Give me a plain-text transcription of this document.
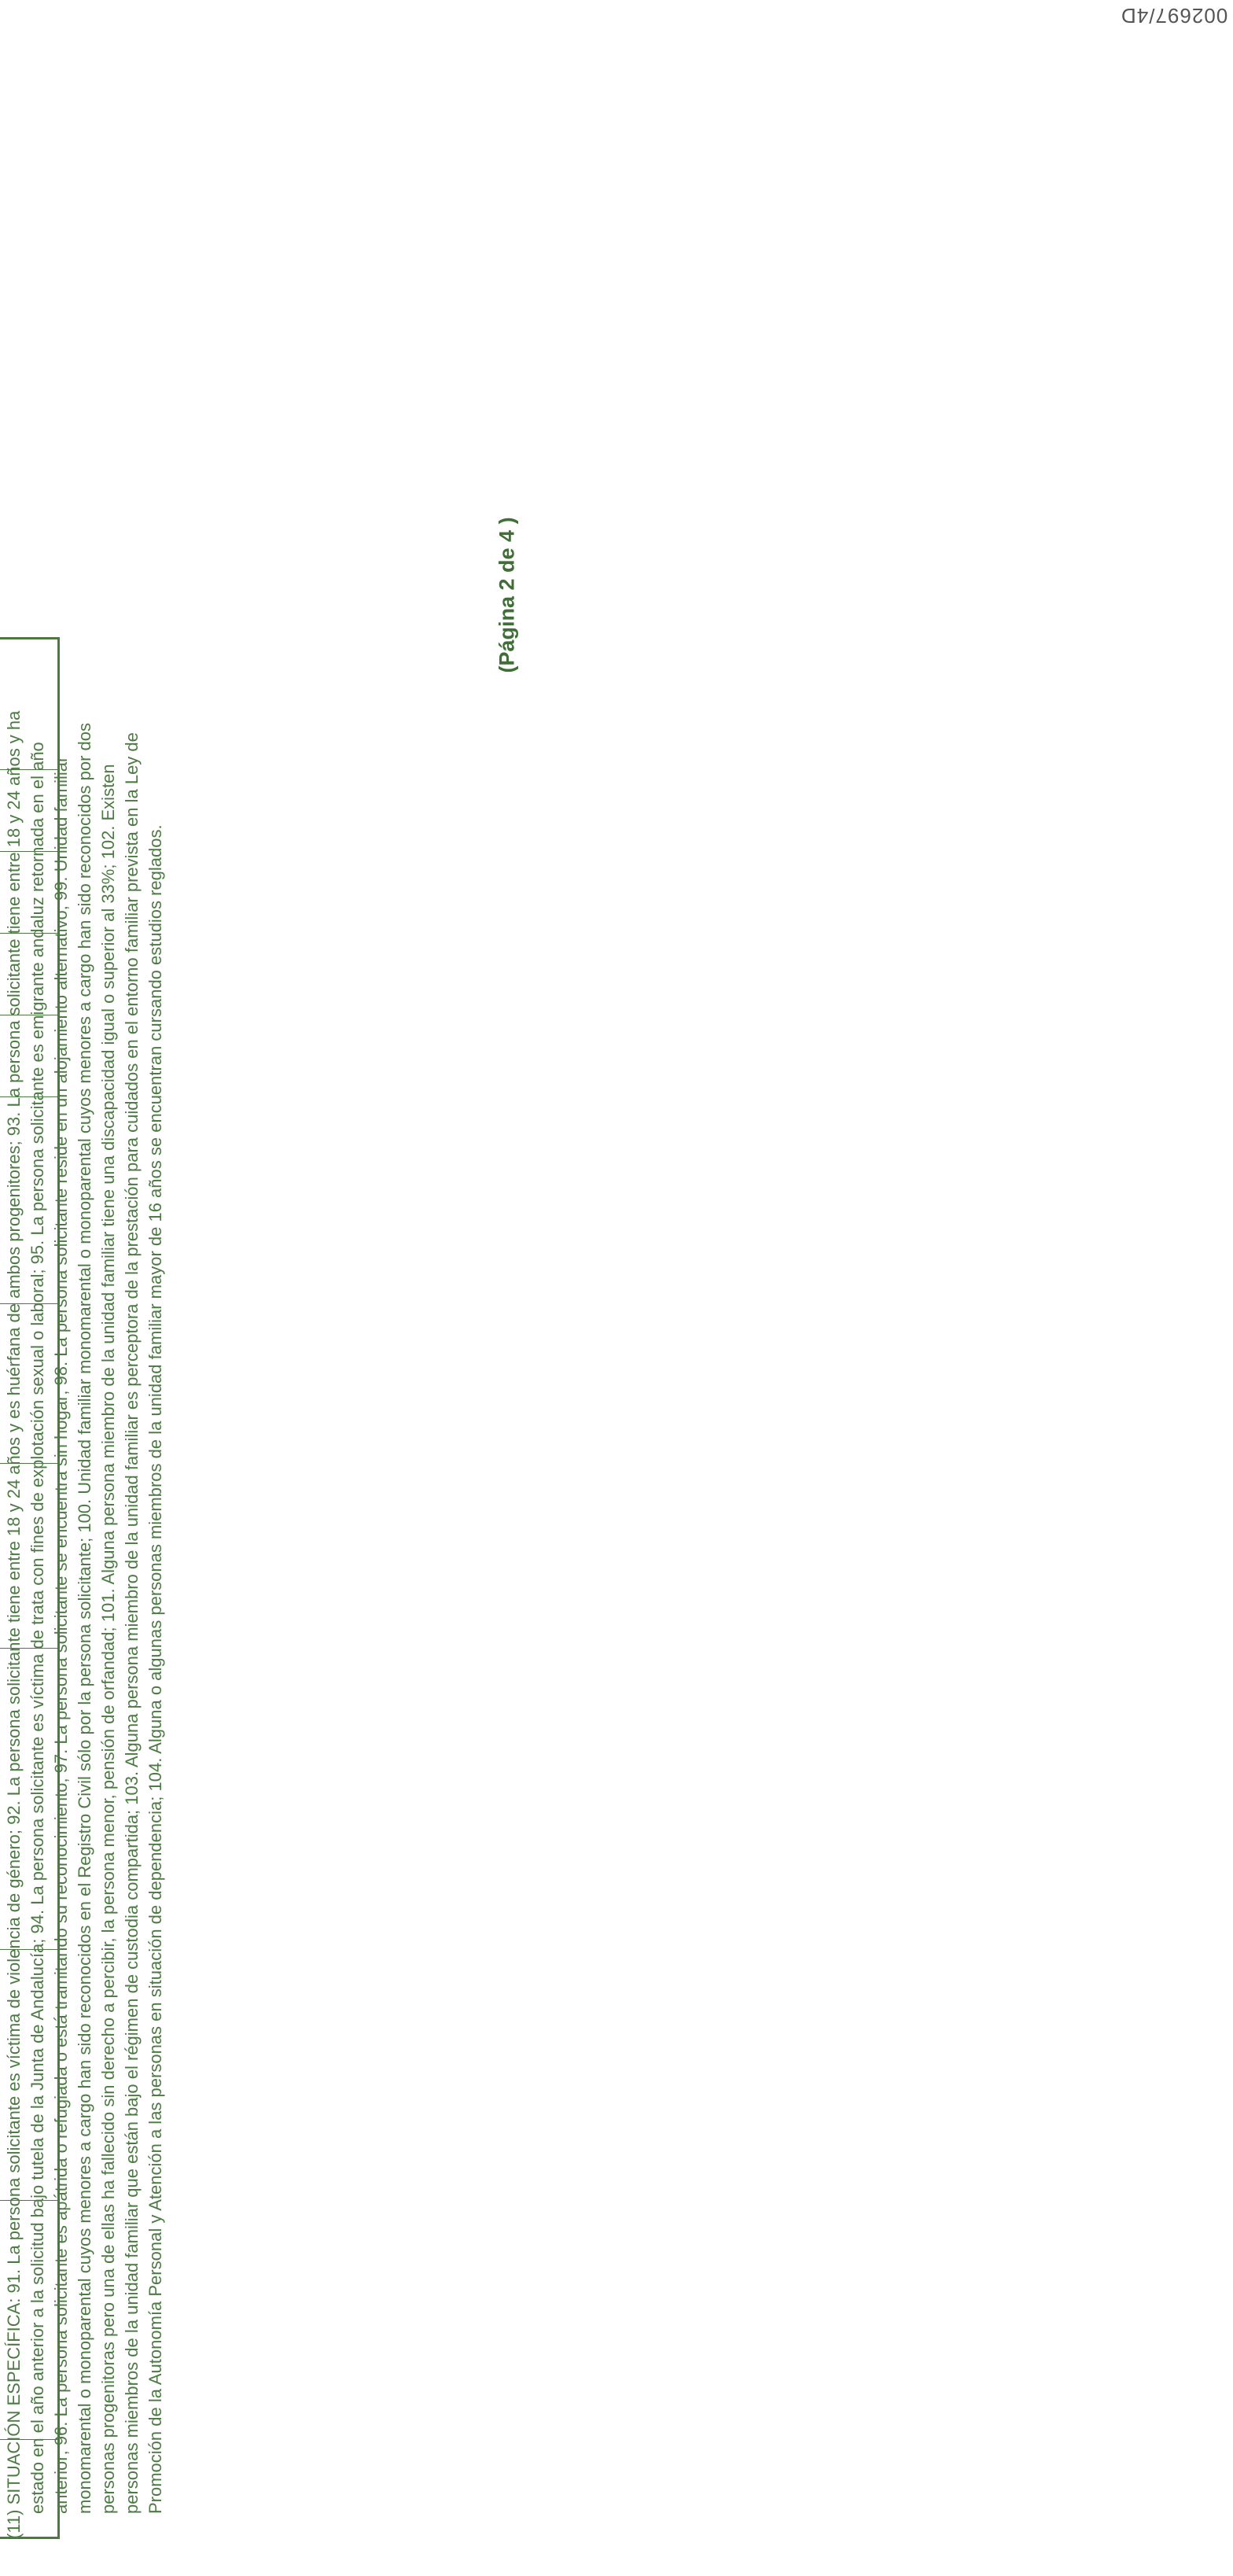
002697/4D
(Página 2 de 4 )

(11) SITUACIÓN ESPECÍFICA: 91. La persona solicitante es víctima de violencia de género; 92. La persona solicitante tiene entre 18 y 24 años y es huérfana de ambos progenitores; 93. La persona solicitante tiene entre 18 y 24 años y ha estado en el año anterior a la solicitud bajo tutela de la Junta de Andalucía; 94. La persona solicitante es víctima de trata con fines de explotación sexual o laboral; 95. La persona solicitante es emigrante andaluz retornada en el año anterior; 96. La persona solicitante es apátrida o refugiada o está tramitando su reconocimiento; 97. La persona solicitante se encuentra sin hogar; 98. La persona solicitante reside en un alojamiento alternativo; 99. Unidad familiar monomarental o monoparental cuyos menores a cargo han sido reconocidos en el Registro Civil sólo por la persona solicitante; 100. Unidad familiar monomarental o monoparental cuyos menores a cargo han sido reconocidos por dos personas progenitoras pero una de ellas ha fallecido sin derecho a percibir, la persona menor, pensión de orfandad; 101. Alguna persona miembro de la unidad familiar tiene una discapacidad igual o superior al 33%; 102. Existen personas miembros de la unidad familiar que están bajo el régimen de custodia compartida; 103. Alguna persona miembro de la unidad familiar es perceptora de la prestación para cuidados en el entorno familiar prevista en la Ley de Promoción de la Autonomía Personal y Atención a las personas en situación de dependencia; 104. Alguna o algunas personas miembros de la unidad familiar mayor de 16 años se encuentran cursando estudios reglados.
